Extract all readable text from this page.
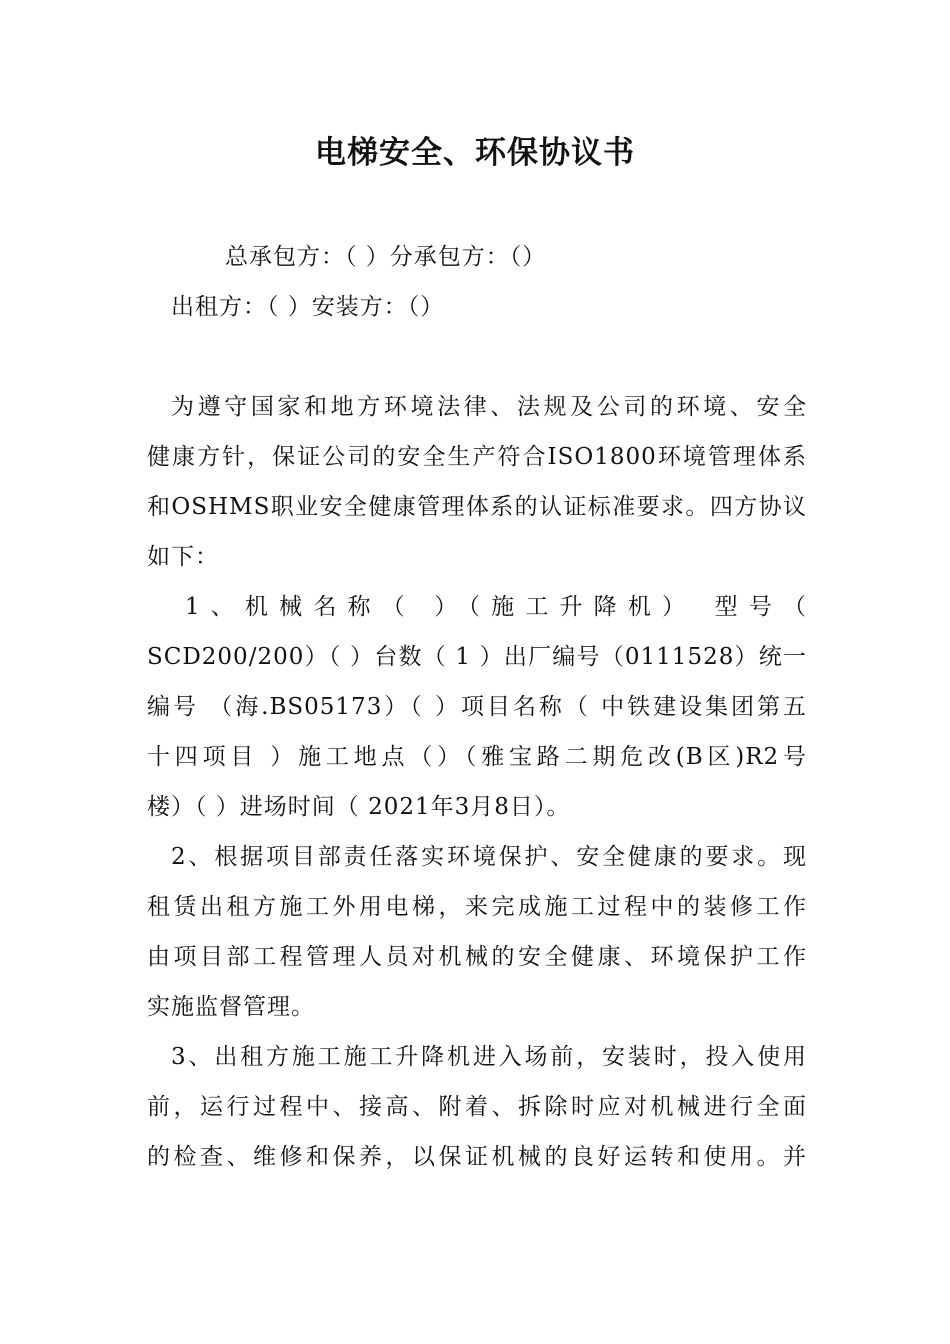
电梯安全、环保协议书
总承包方：（ ）分承包方：（）
出租方：（ ）安装方：（）
为遵守国家和地方环境法律、法规及公司的环境、安全
健康方针，保证公司的安全生产符合ISO1800环境管理体系
和OSHMS职业安全健康管理体系的认证标准要求。四方协议
如下：
1、机械名称（ ）（施工升降机） 型号（
SCD200/200）（ ）台数（ 1 ）出厂编号（0111528）统一
编号 （海.BS05173）（ ）项目名称（ 中铁建设集团第五
十四项目 ）施工地点（）（雅宝路二期危改(B区)R2号
楼）（ ）进场时间（ 2021年3月8日）。
2、根据项目部责任落实环境保护、安全健康的要求。现
租赁出租方施工外用电梯，来完成施工过程中的装修工作
由项目部工程管理人员对机械的安全健康、环境保护工作
实施监督管理。
3、出租方施工施工升降机进入场前，安装时，投入使用
前，运行过程中、接高、附着、拆除时应对机械进行全面
的检查、维修和保养，以保证机械的良好运转和使用。并
